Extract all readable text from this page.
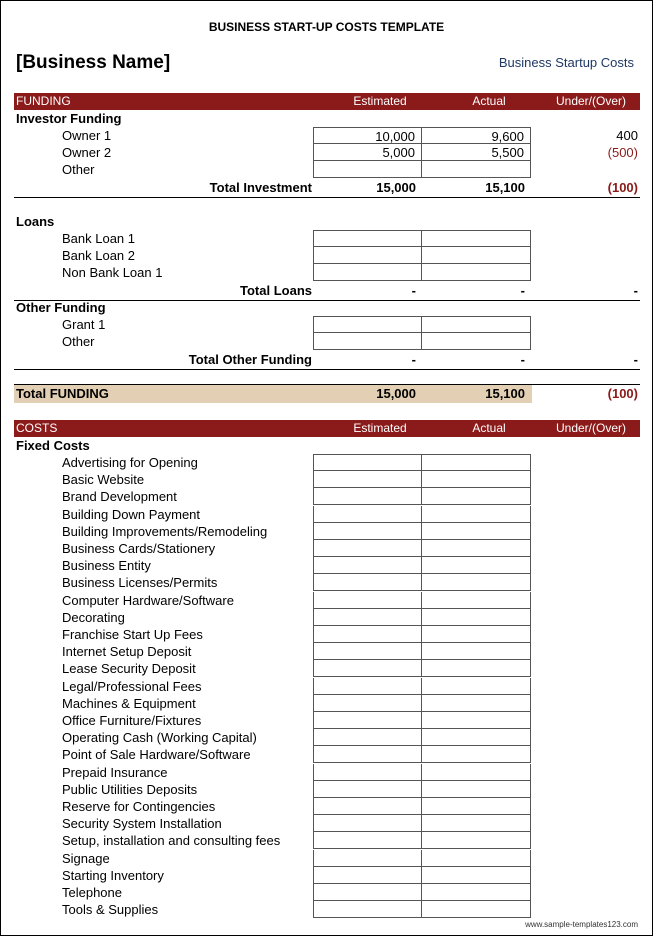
BUSINESS START-UP COSTS TEMPLATE
[Business Name]	Business Startup Costs
FUNDING	Estimated	Actual	Under/(Over)
Investor Funding
Owner 1	10,000	9,600	400
Owner 2	5,000	5,500	(500)
Other
Total Investment	15,000	15,100	(100)
Loans
Bank Loan 1
Bank Loan 2
Non Bank Loan 1
Total Loans	-	-	-
Other Funding
Grant 1
Other
Total Other Funding	-	-	-
Total FUNDING	15,000	15,100	(100)
COSTS	Estimated	Actual	Under/(Over)
Fixed Costs
Advertising for Opening
Basic Website
Brand Development
Building Down Payment
Building Improvements/Remodeling
Business Cards/Stationery
Business Entity
Business Licenses/Permits
Computer Hardware/Software
Decorating
Franchise Start Up Fees
Internet Setup Deposit
Lease Security Deposit
Legal/Professional Fees
Machines & Equipment
Office Furniture/Fixtures
Operating Cash (Working Capital)
Point of Sale Hardware/Software
Prepaid Insurance
Public Utilities Deposits
Reserve for Contingencies
Security System Installation
Setup, installation and consulting fees
Signage
Starting Inventory
Telephone
Tools & Supplies
www.sample-templates123.com
